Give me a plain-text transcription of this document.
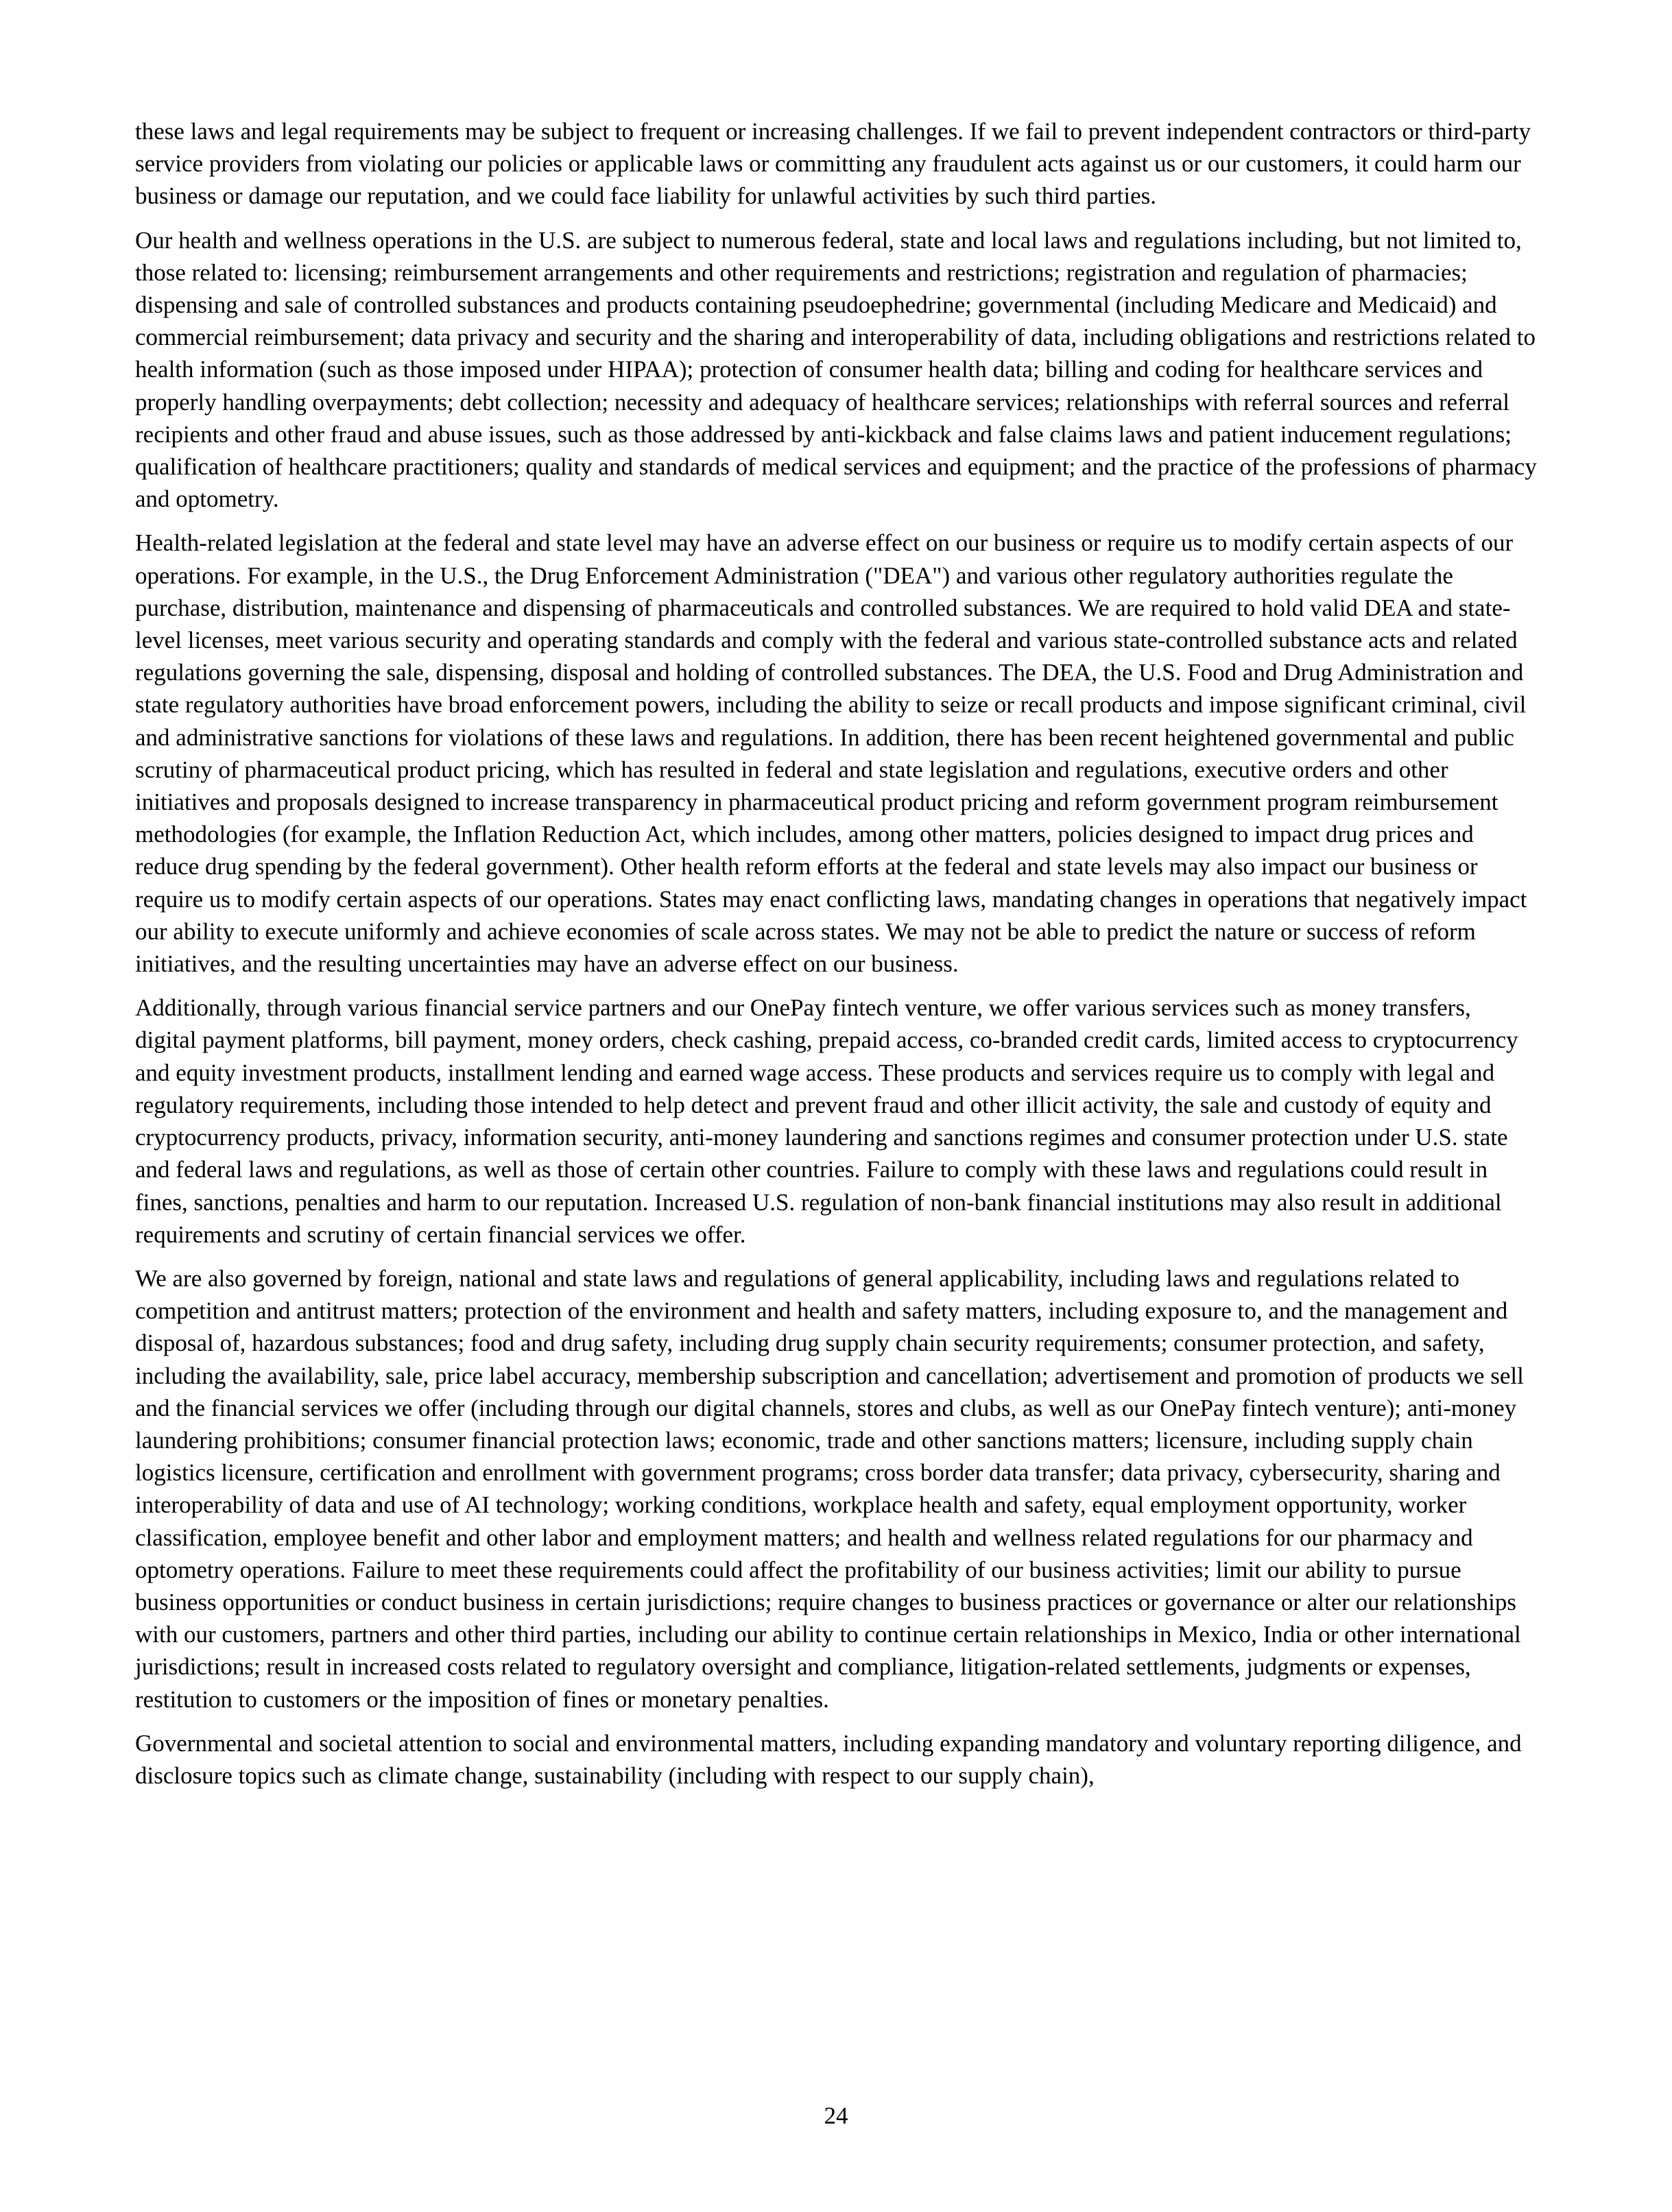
these laws and legal requirements may be subject to frequent or increasing challenges. If we fail to prevent independent contractors or third-party service providers from violating our policies or applicable laws or committing any fraudulent acts against us or our customers, it could harm our business or damage our reputation, and we could face liability for unlawful activities by such third parties.

Our health and wellness operations in the U.S. are subject to numerous federal, state and local laws and regulations including, but not limited to, those related to: licensing; reimbursement arrangements and other requirements and restrictions; registration and regulation of pharmacies; dispensing and sale of controlled substances and products containing pseudoephedrine; governmental (including Medicare and Medicaid) and commercial reimbursement; data privacy and security and the sharing and interoperability of data, including obligations and restrictions related to health information (such as those imposed under HIPAA); protection of consumer health data; billing and coding for healthcare services and properly handling overpayments; debt collection; necessity and adequacy of healthcare services; relationships with referral sources and referral recipients and other fraud and abuse issues, such as those addressed by anti-kickback and false claims laws and patient inducement regulations; qualification of healthcare practitioners; quality and standards of medical services and equipment; and the practice of the professions of pharmacy and optometry.

Health-related legislation at the federal and state level may have an adverse effect on our business or require us to modify certain aspects of our operations. For example, in the U.S., the Drug Enforcement Administration ("DEA") and various other regulatory authorities regulate the purchase, distribution, maintenance and dispensing of pharmaceuticals and controlled substances. We are required to hold valid DEA and state-level licenses, meet various security and operating standards and comply with the federal and various state-controlled substance acts and related regulations governing the sale, dispensing, disposal and holding of controlled substances. The DEA, the U.S. Food and Drug Administration and state regulatory authorities have broad enforcement powers, including the ability to seize or recall products and impose significant criminal, civil and administrative sanctions for violations of these laws and regulations. In addition, there has been recent heightened governmental and public scrutiny of pharmaceutical product pricing, which has resulted in federal and state legislation and regulations, executive orders and other initiatives and proposals designed to increase transparency in pharmaceutical product pricing and reform government program reimbursement methodologies (for example, the Inflation Reduction Act, which includes, among other matters, policies designed to impact drug prices and reduce drug spending by the federal government). Other health reform efforts at the federal and state levels may also impact our business or require us to modify certain aspects of our operations. States may enact conflicting laws, mandating changes in operations that negatively impact our ability to execute uniformly and achieve economies of scale across states. We may not be able to predict the nature or success of reform initiatives, and the resulting uncertainties may have an adverse effect on our business.

Additionally, through various financial service partners and our OnePay fintech venture, we offer various services such as money transfers, digital payment platforms, bill payment, money orders, check cashing, prepaid access, co-branded credit cards, limited access to cryptocurrency and equity investment products, installment lending and earned wage access. These products and services require us to comply with legal and regulatory requirements, including those intended to help detect and prevent fraud and other illicit activity, the sale and custody of equity and cryptocurrency products, privacy, information security, anti-money laundering and sanctions regimes and consumer protection under U.S. state and federal laws and regulations, as well as those of certain other countries. Failure to comply with these laws and regulations could result in fines, sanctions, penalties and harm to our reputation. Increased U.S. regulation of non-bank financial institutions may also result in additional requirements and scrutiny of certain financial services we offer.

We are also governed by foreign, national and state laws and regulations of general applicability, including laws and regulations related to competition and antitrust matters; protection of the environment and health and safety matters, including exposure to, and the management and disposal of, hazardous substances; food and drug safety, including drug supply chain security requirements; consumer protection, and safety, including the availability, sale, price label accuracy, membership subscription and cancellation; advertisement and promotion of products we sell and the financial services we offer (including through our digital channels, stores and clubs, as well as our OnePay fintech venture); anti-money laundering prohibitions; consumer financial protection laws; economic, trade and other sanctions matters; licensure, including supply chain logistics licensure, certification and enrollment with government programs; cross border data transfer; data privacy, cybersecurity, sharing and interoperability of data and use of AI technology; working conditions, workplace health and safety, equal employment opportunity, worker classification, employee benefit and other labor and employment matters; and health and wellness related regulations for our pharmacy and optometry operations. Failure to meet these requirements could affect the profitability of our business activities; limit our ability to pursue business opportunities or conduct business in certain jurisdictions; require changes to business practices or governance or alter our relationships with our customers, partners and other third parties, including our ability to continue certain relationships in Mexico, India or other international jurisdictions; result in increased costs related to regulatory oversight and compliance, litigation-related settlements, judgments or expenses, restitution to customers or the imposition of fines or monetary penalties.

Governmental and societal attention to social and environmental matters, including expanding mandatory and voluntary reporting diligence, and disclosure topics such as climate change, sustainability (including with respect to our supply chain),

24
